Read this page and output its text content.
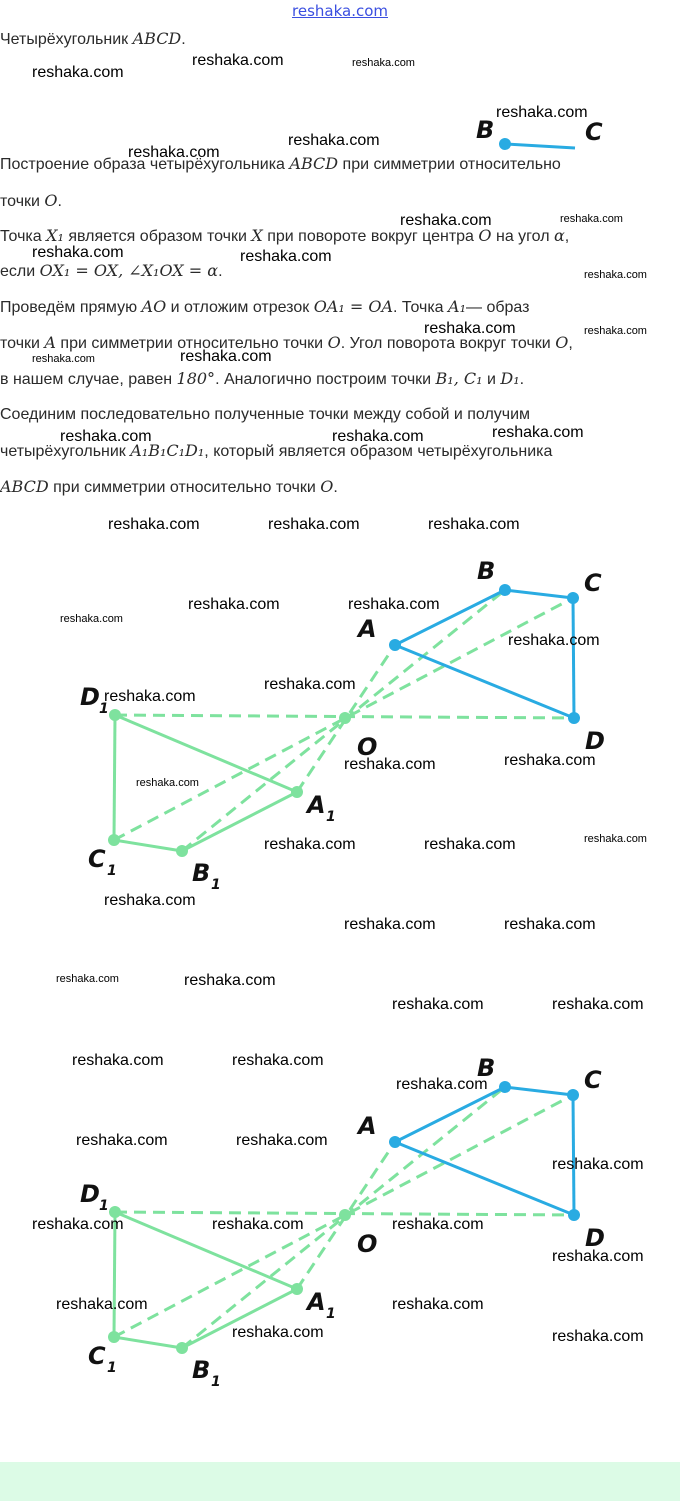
reshaka.com
Четырёхугольник ABCD.
Построение образа четырёхугольника ABCD при симметрии относительно
точки O.
Точка X₁ является образом точки X при повороте вокруг центра O на угол α,
если OX₁ = OX, ∠X₁OX = α.
Проведём прямую AO и отложим отрезок OA₁ = OA. Точка A₁— образ
точки A при симметрии относительно точки O. Угол поворота вокруг точки O,
в нашем случае, равен 180°. Аналогично построим точки B₁, C₁ и D₁.
Соединим последовательно полученные точки между собой и получим
четырёхугольник A₁B₁C₁D₁, который является образом четырёхугольника
ABCD при симметрии относительно точки O.
B	C
A
B	C
D
O
A 1
B 1
C 1
D 1
A
B	C
D
O
A 1
B 1
C 1
D 1
reshaka.com
reshaka.com	reshaka.com
reshaka.com
reshaka.com
reshaka.com
reshaka.com	reshaka.com
reshaka.com	reshaka.com
reshaka.com
reshaka.com	reshaka.com
reshaka.com	reshaka.com
reshaka.com	reshaka.com	reshaka.com
reshaka.com	reshaka.com	reshaka.com
reshaka.com	reshaka.com
reshaka.com
reshaka.com
reshaka.com
reshaka.com
reshaka.com	reshaka.com
reshaka.com
reshaka.com	reshaka.com	reshaka.com
reshaka.com
reshaka.com	reshaka.com
reshaka.com	reshaka.com
reshaka.com	reshaka.com
reshaka.com	reshaka.com
reshaka.com
reshaka.com	reshaka.com
reshaka.com
reshaka.com	reshaka.com	reshaka.com
reshaka.com
reshaka.com	reshaka.com
reshaka.com	reshaka.com
